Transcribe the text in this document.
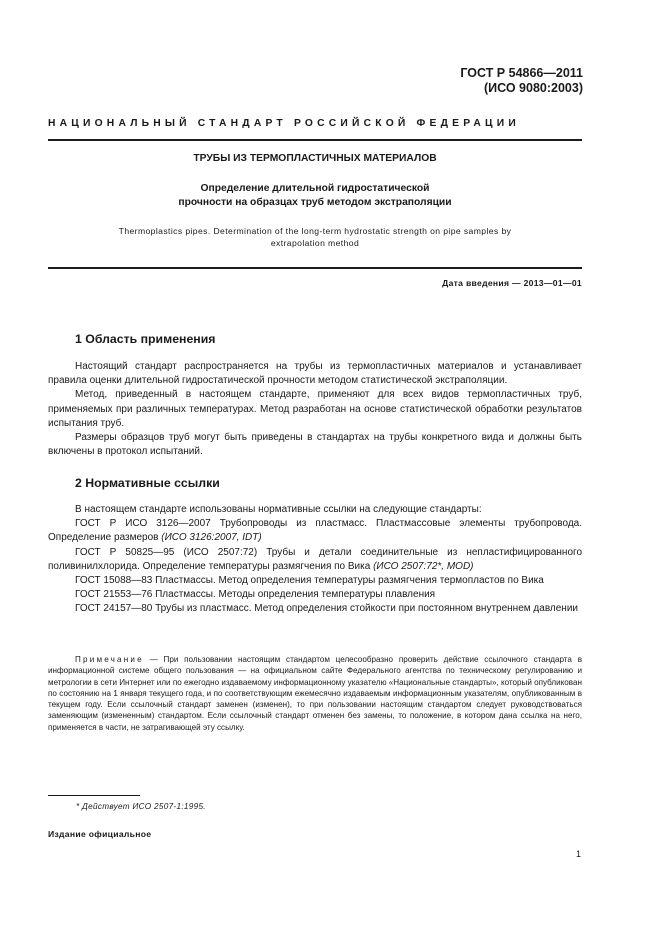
ГОСТ Р 54866—2011
(ИСО 9080:2003)
НАЦИОНАЛЬНЫЙ СТАНДАРТ РОССИЙСКОЙ ФЕДЕРАЦИИ
ТРУБЫ ИЗ ТЕРМОПЛАСТИЧНЫХ МАТЕРИАЛОВ
Определение длительной гидростатической
прочности на образцах труб методом экстраполяции
Thermoplastics pipes. Determination of the long-term hydrostatic strength on pipe samples by
extrapolation method
Дата введения — 2013—01—01
1 Область применения

Настоящий стандарт распространяется на трубы из термопластичных материалов и устанавливает правила оценки длительной гидростатической прочности методом статистической экстраполяции.

Метод, приведенный в настоящем стандарте, применяют для всех видов термопластичных труб, применяемых при различных температурах. Метод разработан на основе статистической обработки результатов испытания труб.

Размеры образцов труб могут быть приведены в стандартах на трубы конкретного вида и должны быть включены в протокол испытаний.

2 Нормативные ссылки

В настоящем стандарте использованы нормативные ссылки на следующие стандарты:

ГОСТ Р ИСО 3126—2007 Трубопроводы из пластмасс. Пластмассовые элементы трубопровода. Определение размеров (ИСО 3126:2007, IDT)

ГОСТ Р 50825—95 (ИСО 2507:72) Трубы и детали соединительные из непластифицированного поливинилхлорида. Определение температуры размягчения по Вика (ИСО 2507:72*, MOD)

ГОСТ 15088—83 Пластмассы. Метод определения температуры размягчения термопластов по Вика

ГОСТ 21553—76 Пластмассы. Методы определения температуры плавления

ГОСТ 24157—80 Трубы из пластмасс. Метод определения стойкости при постоянном внутреннем давлении

Примечание — При пользовании настоящим стандартом целесообразно проверить действие ссылочного стандарта в информационной системе общего пользования — на официальном сайте Федерального агентства по техническому регулированию и метрологии в сети Интернет или по ежегодно издаваемому информационному указателю «Национальные стандарты», который опубликован по состоянию на 1 января текущего года, и по соответствующим ежемесячно издаваемым информационным указателям, опубликованным в текущем году. Если ссылочный стандарт заменен (изменен), то при пользовании настоящим стандартом следует руководствоваться заменяющим (измененным) стандартом. Если ссылочный стандарт отменен без замены, то положение, в котором дана ссылка на него, применяется в части, не затрагивающей эту ссылку.

* Действует ИСО 2507-1:1995.
Издание официальное
1
